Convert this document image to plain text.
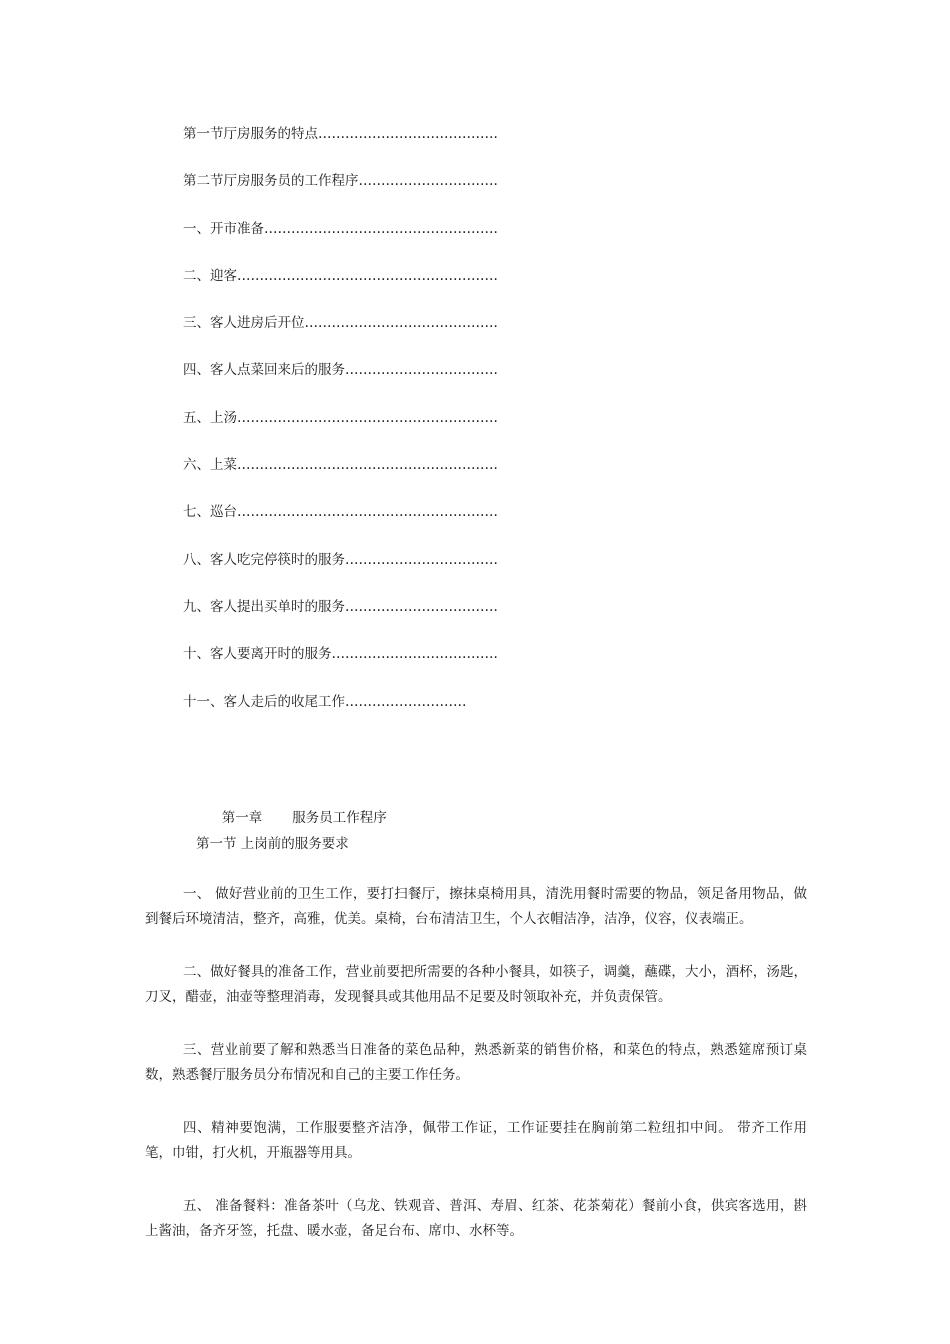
第一节厅房服务的特点………………………………….
第二节厅房服务员的工作程序………………………….
一、开市准备…………………………………………….
二、迎客………………………………………………….
三、客人进房后开位…………………………………….
四、客人点菜回来后的服务…………………………….
五、上汤………………………………………………….
六、上菜………………………………………………….
七、巡台………………………………………………….
八、客人吃完停筷时的服务…………………………….
九、客人提出买单时的服务…………………………….
十、客人要离开时的服务……………………………….
十一、客人走后的收尾工作………………………

第一章 服务员工作程序

第一节 上岗前的服务要求

一、 做好营业前的卫生工作，要打扫餐厅，擦抹桌椅用具，清洗用餐时需要的物品，领足备用物品，做到餐后环境清洁，整齐，高雅，优美。桌椅，台布清洁卫生，个人衣帽洁净，洁净，仪容，仪表端正。

二、做好餐具的准备工作，营业前要把所需要的各种小餐具，如筷子，调羹，蘸碟，大小，酒杯，汤匙，刀叉，醋壶，油壶等整理消毒，发现餐具或其他用品不足要及时领取补充，并负责保管。

三、营业前要了解和熟悉当日准备的菜色品种，熟悉新菜的销售价格，和菜色的特点，熟悉筵席预订桌数，熟悉餐厅服务员分布情况和自己的主要工作任务。

四、精神要饱满，工作服要整齐洁净，佩带工作证，工作证要挂在胸前第二粒纽扣中间。 带齐工作用笔，巾钳，打火机，开瓶器等用具。

五、 准备餐料：准备茶叶（乌龙、铁观音、普洱、寿眉、红茶、花茶菊花）餐前小食，供宾客选用，斟上酱油，备齐牙签，托盘、暖水壶，备足台布、席巾、水杯等。
